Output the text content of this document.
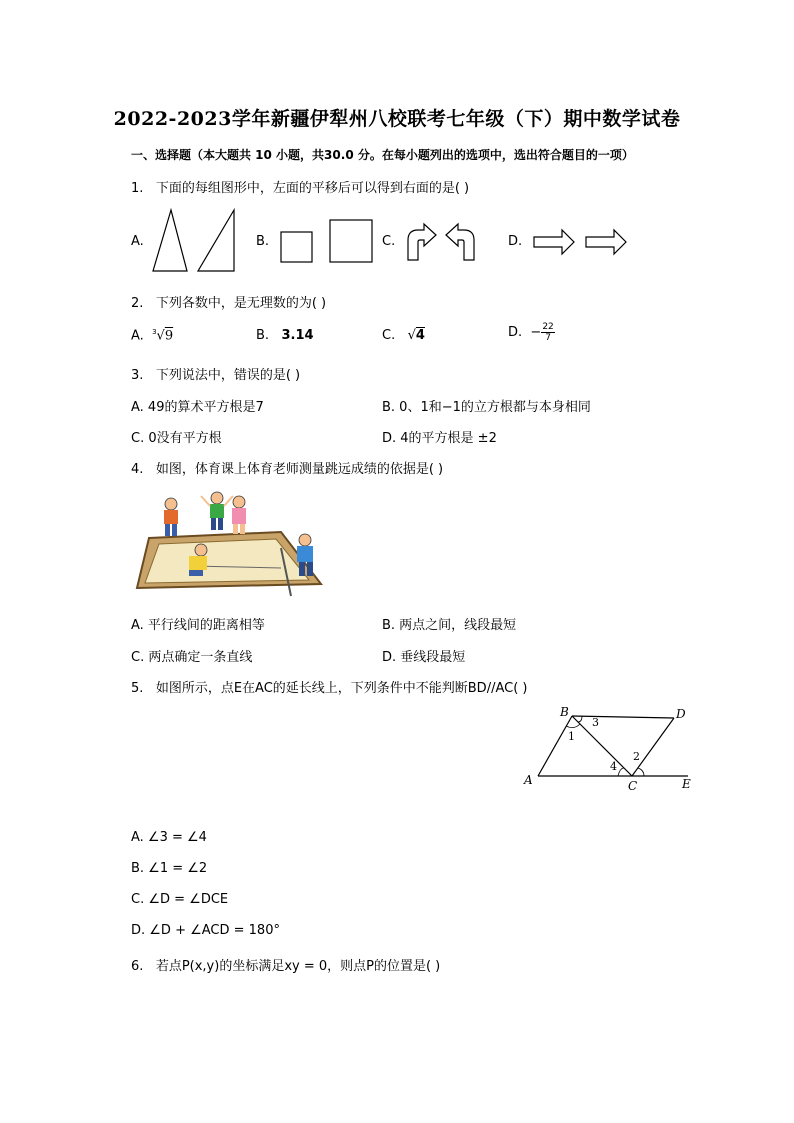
2022-2023学年新疆伊犁州八校联考七年级（下）期中数学试卷
一、选择题（本大题共 10 小题，共30.0 分。在每小题列出的选项中，选出符合题目的一项）
1. 下面的每组图形中，左面的平移后可以得到右面的是( )
A.	B.	C.	D.
2. 下列各数中，是无理数的为( )
A. $^3$√9	B. 3.14	C. √4	D. − $\frac{22}{7}$
3. 下列说法中，错误的是( )
A. 49的算术平方根是7	B. 0、1和−1的立方根都与本身相同
C. 0没有平方根	D. 4的平方根是 ±2
4. 如图，体育课上体育老师测量跳远成绩的依据是( )
A. 平行线间的距离相等	B. 两点之间，线段最短
C. 两点确定一条直线	D. 垂线段最短
5. 如图所示，点E在AC的延长线上，下列条件中不能判断BD//AC( )
B	D
A	C	E
1
2
3
4
A. ∠3 = ∠4
B. ∠1 = ∠2
C. ∠D = ∠DCE
D. ∠D + ∠ACD = 180°
6. 若点P(x,y)的坐标满足xy = 0，则点P的位置是( )
